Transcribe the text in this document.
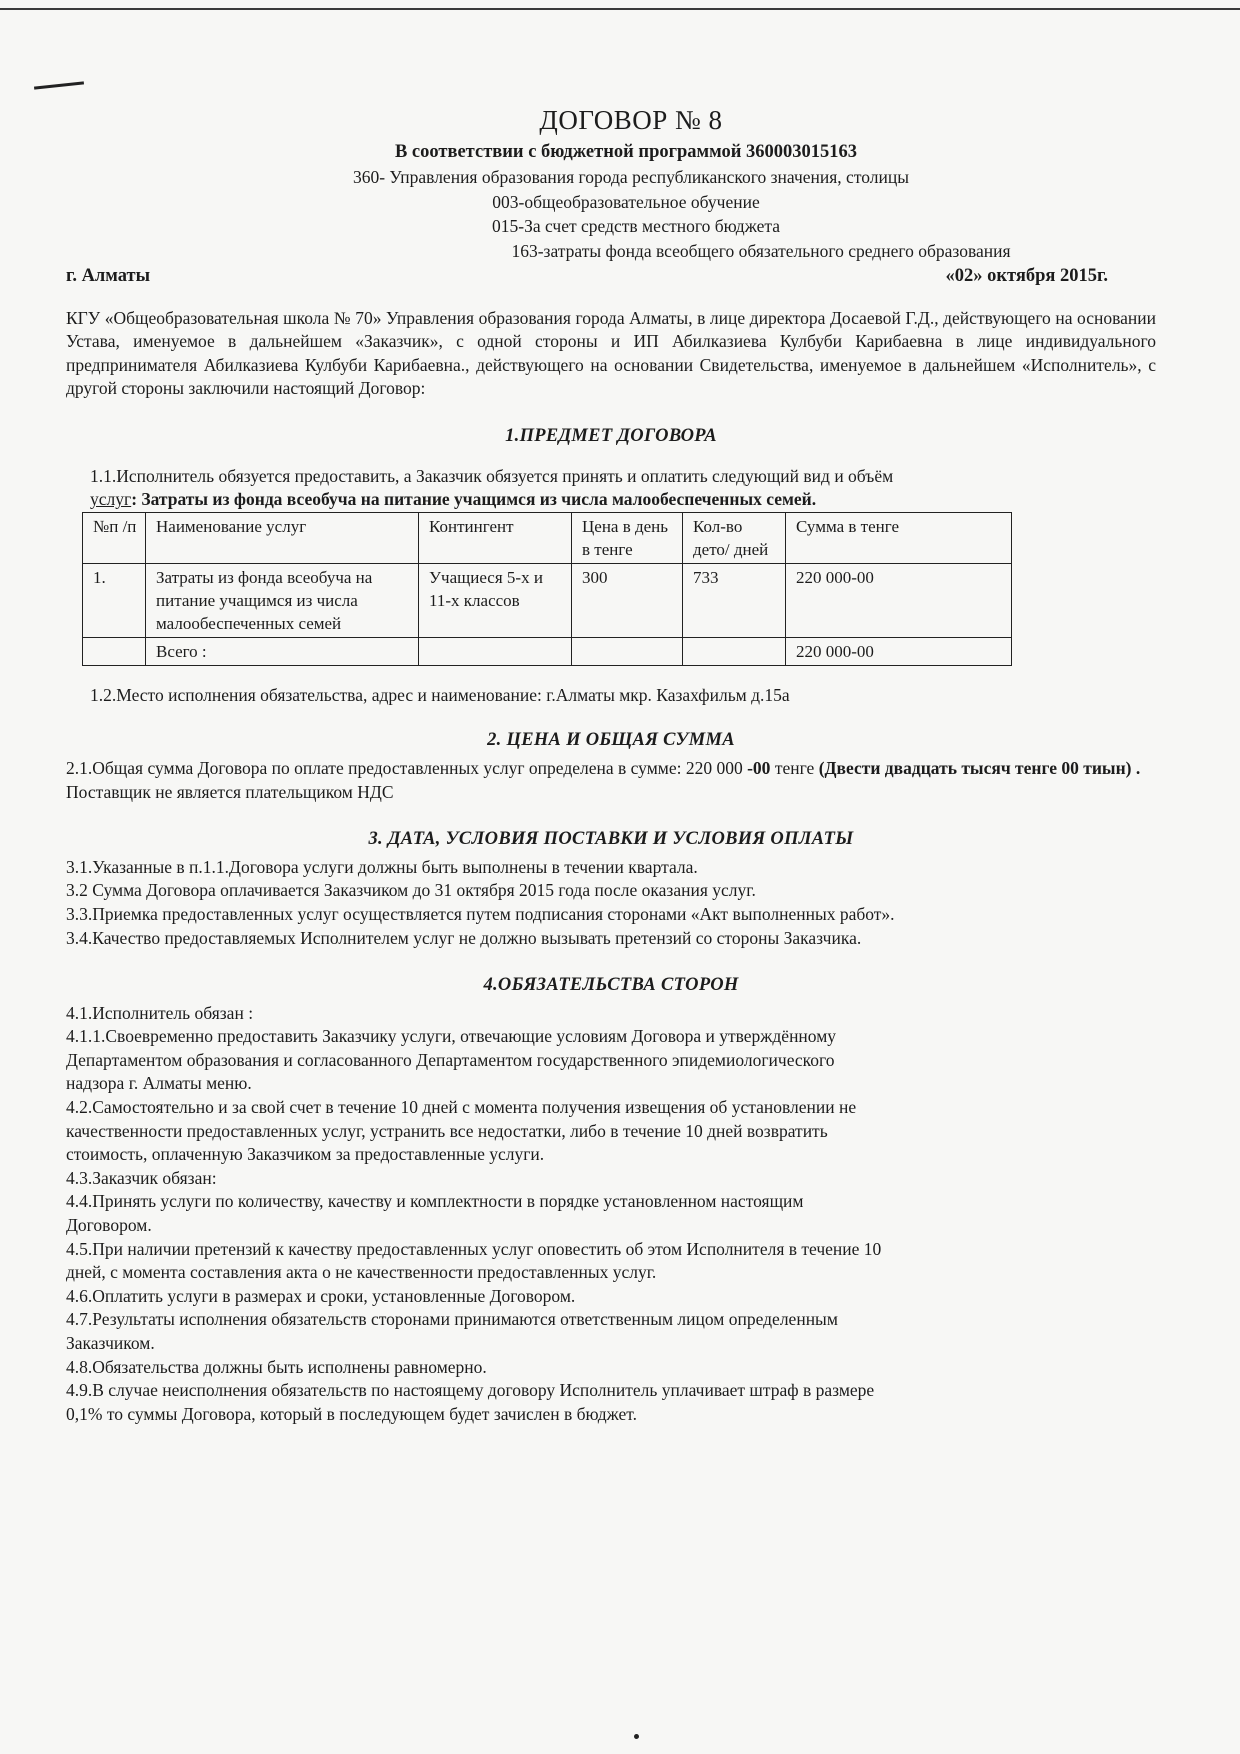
ДОГОВОР № 8
В соответствии с бюджетной программой 360003015163
360- Управления образования города республиканского значения, столицы
003-общеобразовательное обучение
015-За счет средств местного бюджета
163-затраты фонда всеобщего обязательного среднего образования
г. Алматы	«02» октября 2015г.
КГУ «Общеобразовательная школа № 70» Управления образования города Алматы, в лице директора Досаевой Г.Д., действующего на основании Устава, именуемое в дальнейшем «Заказчик», с одной стороны и ИП Абилказиева Кулбуби Карибаевна в лице индивидуального предпринимателя Абилказиева Кулбуби Карибаевна., действующего на основании Свидетельства, именуемое в дальнейшем «Исполнитель», с другой стороны заключили настоящий Договор:
1.ПРЕДМЕТ ДОГОВОРА
1.1.Исполнитель обязуется предоставить, а Заказчик обязуется принять и оплатить следующий вид и объём
услуг: Затраты из фонда всеобуча на питание учащимся из числа малообеспеченных семей.
№п /п	Наименование услуг	Контингент	Цена в день в тенге	Кол-во дето/ дней	Сумма в тенге
1.	Затраты из фонда всеобуча на питание учащимся из числа малообеспеченных семей	Учащиеся 5-х и 11-х классов	300	733	220 000-00
	Всего :				220 000-00
1.2.Место исполнения обязательства, адрес и наименование: г.Алматы мкр. Казахфильм д.15а
2. ЦЕНА И ОБЩАЯ СУММА
2.1.Общая сумма Договора по оплате предоставленных услуг определена в сумме: 220 000 -00 тенге (Двести двадцать тысяч тенге 00 тиын) .
Поставщик не является плательщиком НДС
3. ДАТА, УСЛОВИЯ ПОСТАВКИ И УСЛОВИЯ ОПЛАТЫ
3.1.Указанные в п.1.1.Договора услуги должны быть выполнены в течении квартала.
3.2 Сумма Договора оплачивается Заказчиком до 31 октября 2015 года после оказания услуг.
3.3.Приемка предоставленных услуг осуществляется путем подписания сторонами «Акт выполненных работ».
3.4.Качество предоставляемых Исполнителем услуг не должно вызывать претензий со стороны Заказчика.
4.ОБЯЗАТЕЛЬСТВА СТОРОН
4.1.Исполнитель обязан :
4.1.1.Своевременно предоставить Заказчику услуги, отвечающие условиям Договора и утверждённому
Департаментом образования и согласованного Департаментом государственного эпидемиологического
надзора г. Алматы меню.
4.2.Самостоятельно и за свой счет в течение 10 дней с момента получения извещения об установлении не
качественности предоставленных услуг, устранить все недостатки, либо в течение 10 дней возвратить
стоимость, оплаченную Заказчиком за предоставленные услуги.
4.3.Заказчик обязан:
4.4.Принять услуги по количеству, качеству и комплектности в порядке установленном настоящим
Договором.
4.5.При наличии претензий к качеству предоставленных услуг оповестить об этом Исполнителя в течение 10
дней, с момента составления акта о не качественности предоставленных услуг.
4.6.Оплатить услуги в размерах и сроки, установленные Договором.
4.7.Результаты исполнения обязательств сторонами принимаются ответственным лицом определенным
Заказчиком.
4.8.Обязательства должны быть исполнены равномерно.
4.9.В случае неисполнения обязательств по настоящему договору Исполнитель уплачивает штраф в размере
0,1% то суммы Договора, который в последующем будет зачислен в бюджет.
